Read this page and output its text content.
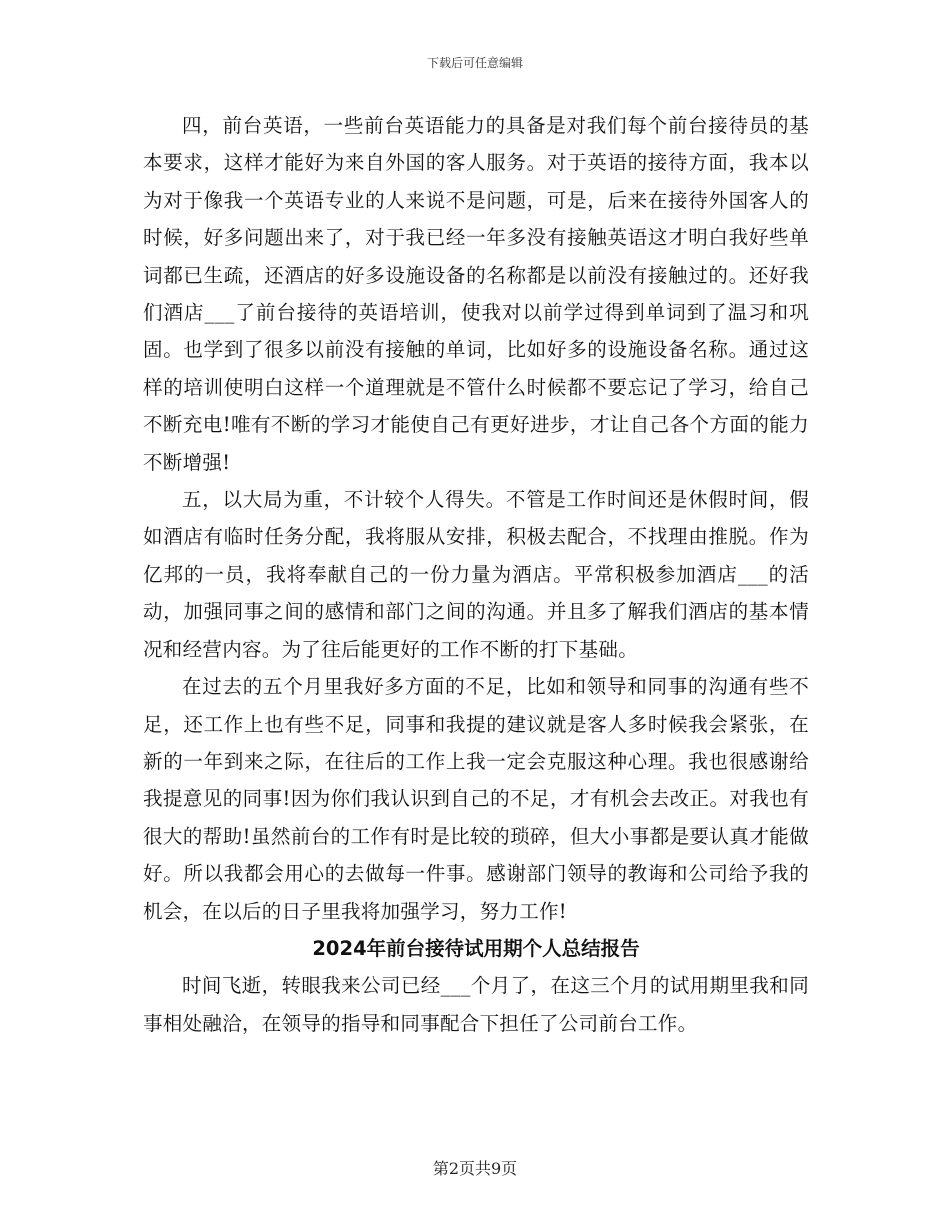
下载后可任意编辑

四，前台英语，一些前台英语能力的具备是对我们每个前台接待员的基本要求，这样才能好为来自外国的客人服务。对于英语的接待方面，我本以为对于像我一个英语专业的人来说不是问题，可是，后来在接待外国客人的时候，好多问题出来了，对于我已经一年多没有接触英语这才明白我好些单词都已生疏，还酒店的好多设施设备的名称都是以前没有接触过的。还好我们酒店___了前台接待的英语培训，使我对以前学过得到单词到了温习和巩固。也学到了很多以前没有接触的单词，比如好多的设施设备名称。通过这样的培训使明白这样一个道理就是不管什么时候都不要忘记了学习，给自己不断充电!唯有不断的学习才能使自己有更好进步，才让自己各个方面的能力不断增强!

五，以大局为重，不计较个人得失。不管是工作时间还是休假时间，假如酒店有临时任务分配，我将服从安排，积极去配合，不找理由推脱。作为亿邦的一员，我将奉献自己的一份力量为酒店。平常积极参加酒店___的活动，加强同事之间的感情和部门之间的沟通。并且多了解我们酒店的基本情况和经营内容。为了往后能更好的工作不断的打下基础。

在过去的五个月里我好多方面的不足，比如和领导和同事的沟通有些不足，还工作上也有些不足，同事和我提的建议就是客人多时候我会紧张，在新的一年到来之际，在往后的工作上我一定会克服这种心理。我也很感谢给我提意见的同事!因为你们我认识到自己的不足，才有机会去改正。对我也有很大的帮助!虽然前台的工作有时是比较的琐碎，但大小事都是要认真才能做好。所以我都会用心的去做每一件事。感谢部门领导的教诲和公司给予我的机会，在以后的日子里我将加强学习，努力工作!

2024年前台接待试用期个人总结报告

时间飞逝，转眼我来公司已经___个月了，在这三个月的试用期里我和同事相处融洽，在领导的指导和同事配合下担任了公司前台工作。

第2页共9页
